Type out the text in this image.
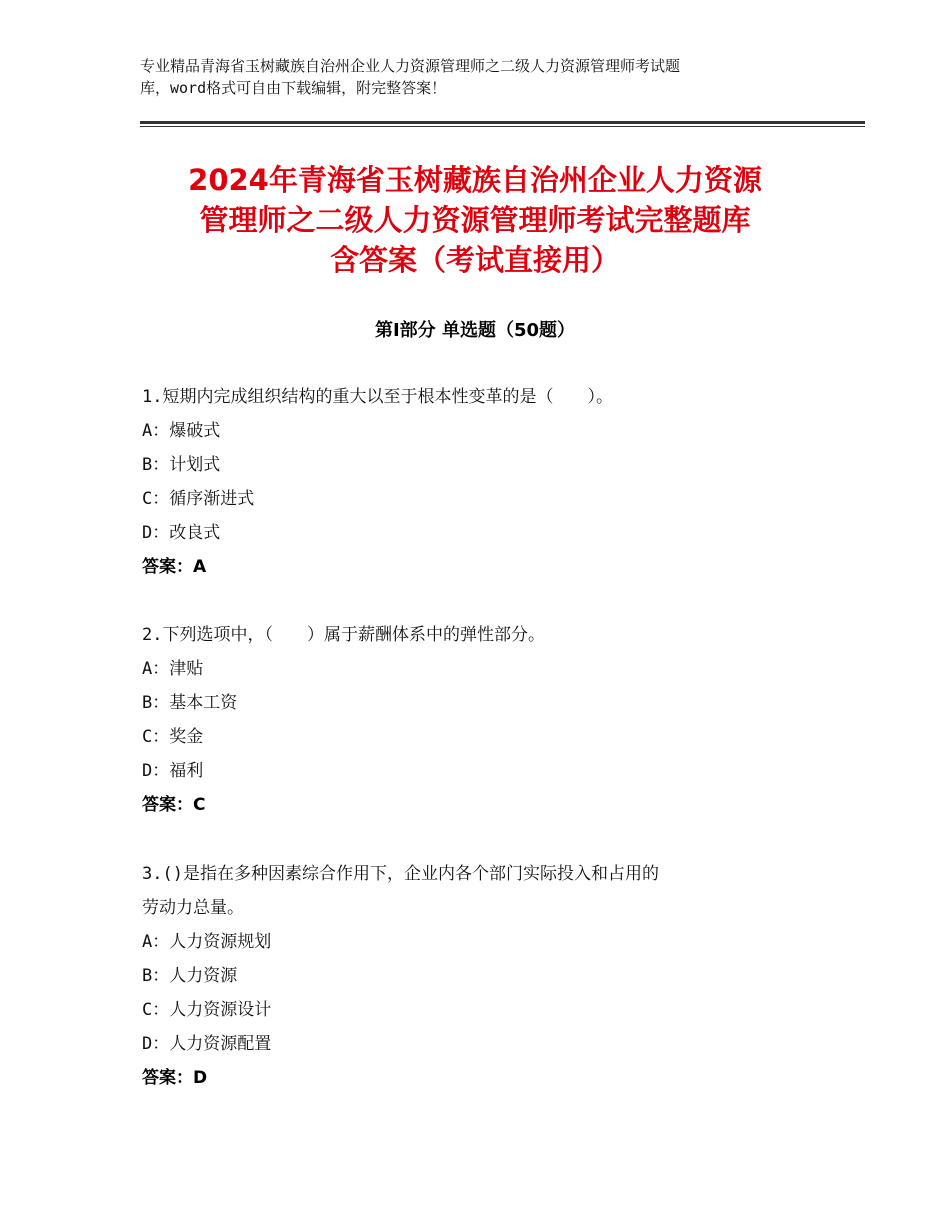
专业精品青海省玉树藏族自治州企业人力资源管理师之二级人力资源管理师考试题
库，word格式可自由下载编辑，附完整答案！
2024年青海省玉树藏族自治州企业人力资源
管理师之二级人力资源管理师考试完整题库
含答案（考试直接用）
第Ⅰ部分 单选题（50题）
1.短期内完成组织结构的重大以至于根本性变革的是（　　）。
A：爆破式
B：计划式
C：循序渐进式
D：改良式
答案：A
2.下列选项中，（　　）属于薪酬体系中的弹性部分。
A：津贴
B：基本工资
C：奖金
D：福利
答案：C
3.()是指在多种因素综合作用下，企业内各个部门实际投入和占用的
劳动力总量。
A：人力资源规划
B：人力资源
C：人力资源设计
D：人力资源配置
答案：D
